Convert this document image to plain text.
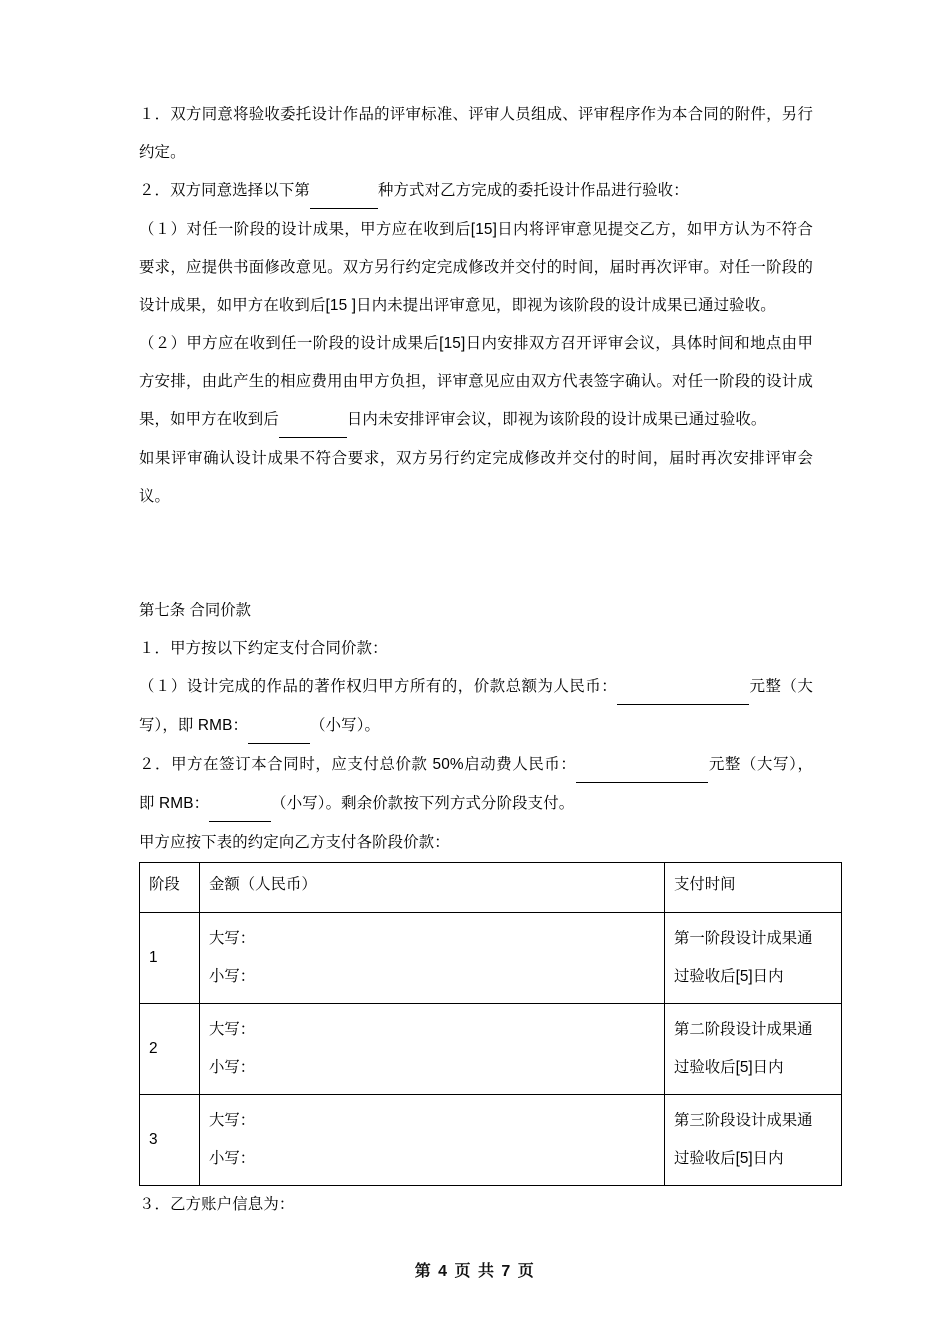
１．双方同意将验收委托设计作品的评审标准、评审人员组成、评审程序作为本合同的附件，另行约定。

２．双方同意选择以下第	种方式对乙方完成的委托设计作品进行验收：

（１）对任一阶段的设计成果，甲方应在收到后[15]日内将评审意见提交乙方，如甲方认为不符合要求，应提供书面修改意见。双方另行约定完成修改并交付的时间，届时再次评审。对任一阶段的设计成果，如甲方在收到后[15 ]日内未提出评审意见，即视为该阶段的设计成果已通过验收。

（２）甲方应在收到任一阶段的设计成果后[15]日内安排双方召开评审会议，具体时间和地点由甲方安排，由此产生的相应费用由甲方负担，评审意见应由双方代表签字确认。对任一阶段的设计成果，如甲方在收到后	日内未安排评审会议，即视为该阶段的设计成果已通过验收。

如果评审确认设计成果不符合要求，双方另行约定完成修改并交付的时间，届时再次安排评审会议。

第七条 合同价款

１．甲方按以下约定支付合同价款：

（１）设计完成的作品的著作权归甲方所有的，价款总额为人民币：	元整（大写），即 RMB：	（小写）。

２．甲方在签订本合同时，应支付总价款 50%启动费人民币：	元整（大写）， 即 RMB：	（小写）。剩余价款按下列方式分阶段支付。

甲方应按下表的约定向乙方支付各阶段价款：

阶段	金额（人民币）	支付时间
1	大写：
小写：	第一阶段设计成果通
过验收后[5]日内

2	大写：
小写：	第二阶段设计成果通
过验收后[5]日内

3	大写：
小写：	第三阶段设计成果通
过验收后[5]日内

３．乙方账户信息为：

第 4 页 共 7 页
